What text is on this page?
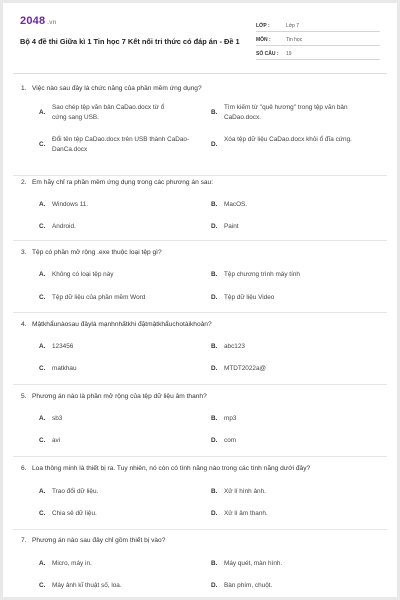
2048 .vn
Bộ 4 đề thi Giữa kì 1 Tin học 7 Kết nối tri thức có đáp án - Đề 1
LỚP :	Lớp 7
MÔN :	Tin học
SỐ CÂU :	19
1. Việc nào sau đây là chức năng của phần mềm ứng dụng?
A.
Sao chép tệp văn bản CaDao.docx từ ổ cứng sang USB.
B.
Tìm kiếm từ "quê hương" trong tệp văn bản CaDao.docx.
C.
Đổi tên tệp CaDao.docx trên USB thành CaDao-DanCa.docx
D.
Xóa tệp dữ liệu CaDao.docx khỏi ổ đĩa cứng.
2. Em hãy chỉ ra phần mềm ứng dụng trong các phương án sau:
A.	Windows 11.	B.	MacOS.
C.	Android.	D.	Paint
3. Tệp có phần mở rộng .exe thuộc loại tệp gì?
A.	Không có loại tệp này	B.	Tệp chương trình máy tính
C.	Tệp dữ liệu của phần mềm Word	D.	Tệp dữ liệu Video
4. Mậtkhẩunàosau đâylà mạnhnhấtkhi đặtmậtkhẩuchotàikhoản?
A.	123456	B.	abc123
C.	matkhau	D.	MTDT2022a@
5. Phương án nào là phần mở rộng của tệp dữ liệu âm thanh?
A.	sb3	B.	mp3
C.	avi	D.	com
6. Loa thông minh là thiết bị ra. Tuy nhiên, nó còn có tính năng nào trong các tính năng dưới đây?
A.	Trao đổi dữ liệu.	B.	Xử lí hình ảnh.
C.	Chia sẻ dữ liệu.	D.	Xử lí âm thanh.
7. Phương án nào sau đây chỉ gồm thiết bị vào?
A.	Micro, máy in.	B.	Máy quét, màn hình.
C.	Máy ảnh kĩ thuật số, loa.	D.	Bàn phím, chuột.
